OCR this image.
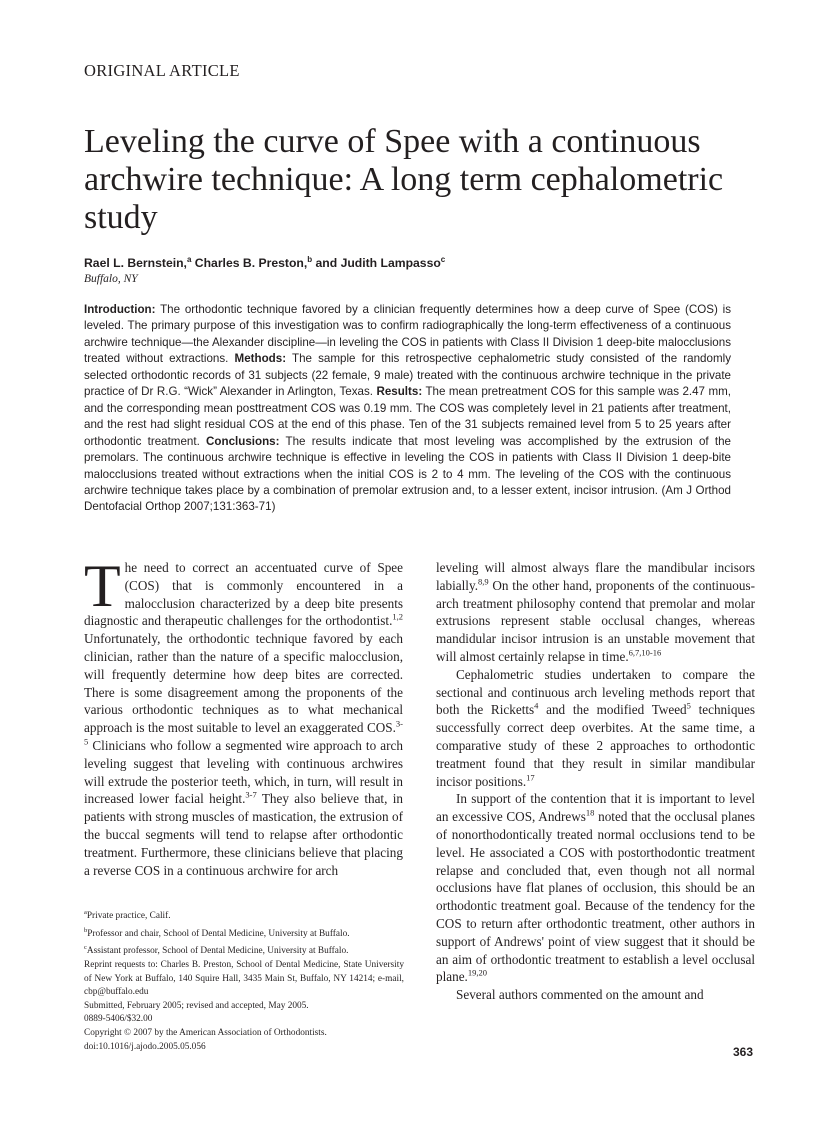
ORIGINAL ARTICLE
Leveling the curve of Spee with a continuous archwire technique: A long term cephalometric study
Rael L. Bernstein,$^a$ Charles B. Preston,$^b$ and Judith Lampasso$^c$
Buffalo, NY

Introduction: The orthodontic technique favored by a clinician frequently determines how a deep curve of Spee (COS) is leveled. The primary purpose of this investigation was to confirm radiographically the long-term effectiveness of a continuous archwire technique—the Alexander discipline—in leveling the COS in patients with Class II Division 1 deep-bite malocclusions treated without extractions. Methods: The sample for this retrospective cephalometric study consisted of the randomly selected orthodontic records of 31 subjects (22 female, 9 male) treated with the continuous archwire technique in the private practice of Dr R.G. “Wick” Alexander in Arlington, Texas. Results: The mean pretreatment COS for this sample was 2.47 mm, and the corresponding mean posttreatment COS was 0.19 mm. The COS was completely level in 21 patients after treatment, and the rest had slight residual COS at the end of this phase. Ten of the 31 subjects remained level from 5 to 25 years after orthodontic treatment. Conclusions: The results indicate that most leveling was accomplished by the extrusion of the premolars. The continuous archwire technique is effective in leveling the COS in patients with Class II Division 1 deep-bite malocclusions treated without extractions when the initial COS is 2 to 4 mm. The leveling of the COS with the continuous archwire technique takes place by a combination of premolar extrusion and, to a lesser extent, incisor intrusion. (Am J Orthod Dentofacial Orthop 2007;131:363-71)

T he need to correct an accentuated curve of Spee (COS) that is commonly encountered in a malocclusion characterized by a deep bite presents diagnostic and therapeutic challenges for the orthodontist.$^{1,2}$ Unfortunately, the orthodontic technique favored by each clinician, rather than the nature of a specific malocclusion, will frequently determine how deep bites are corrected. There is some disagreement among the proponents of the various orthodontic techniques as to what mechanical approach is the most suitable to level an exaggerated COS.$^{3-5}$ Clinicians who follow a segmented wire approach to arch leveling suggest that leveling with continuous archwires will extrude the posterior teeth, which, in turn, will result in increased lower facial height.$^{3-7}$ They also believe that, in patients with strong muscles of mastication, the extrusion of the buccal segments will tend to relapse after orthodontic treatment. Furthermore, these clinicians believe that placing a reverse COS in a continuous archwire for arch

leveling will almost always flare the mandibular incisors labially.$^{8,9}$ On the other hand, proponents of the continuous-arch treatment philosophy contend that premolar and molar extrusions represent stable occlusal changes, whereas mandidular incisor intrusion is an unstable movement that will almost certainly relapse in time.$^{6,7,10-16}$

Cephalometric studies undertaken to compare the sectional and continuous arch leveling methods report that both the Ricketts$^4$ and the modified Tweed$^5$ techniques successfully correct deep overbites. At the same time, a comparative study of these 2 approaches to orthodontic treatment found that they result in similar mandibular incisor positions.$^{17}$

In support of the contention that it is important to level an excessive COS, Andrews$^{18}$ noted that the occlusal planes of nonorthodontically treated normal occlusions tend to be level. He associated a COS with postorthodontic treatment relapse and concluded that, even though not all normal occlusions have flat planes of occlusion, this should be an orthodontic treatment goal. Because of the tendency for the COS to return after orthodontic treatment, other authors in support of Andrews' point of view suggest that it should be an aim of orthodontic treatment to establish a level occlusal plane.$^{19,20}$

Several authors commented on the amount and

$^a$Private practice, Calif.
$^b$Professor and chair, School of Dental Medicine, University at Buffalo.
$^c$Assistant professor, School of Dental Medicine, University at Buffalo.
Reprint requests to: Charles B. Preston, School of Dental Medicine, State University of New York at Buffalo, 140 Squire Hall, 3435 Main St, Buffalo, NY 14214; e-mail, cbp@buffalo.edu
Submitted, February 2005; revised and accepted, May 2005.
0889-5406/$32.00
Copyright © 2007 by the American Association of Orthodontists.
doi:10.1016/j.ajodo.2005.05.056	363
